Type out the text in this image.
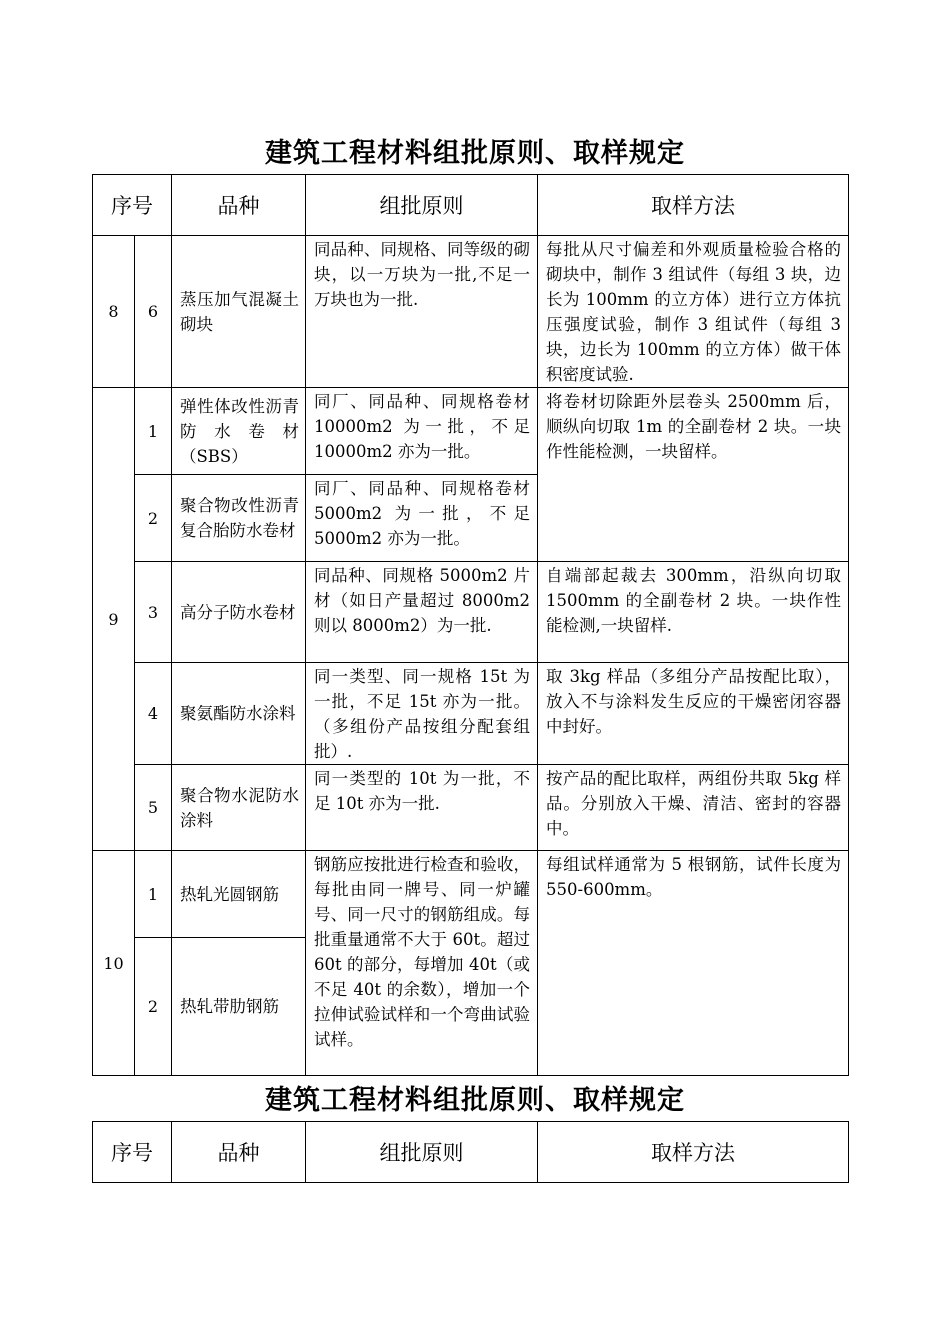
建筑工程材料组批原则、取样规定
序号		品种	组批原则	取样方法
8	6	蒸压加气混凝土砌块	同品种、同规格、同等级的砌块，以一万块为一批,不足一万块也为一批.	每批从尺寸偏差和外观质量检验合格的砌块中，制作 3 组试件（每组 3 块，边长为 100mm 的立方体）进行立方体抗压强度试验，制作 3 组试件（每组 3 块，边长为 100mm 的立方体）做干体积密度试验.
9	1	弹性体改性沥青防水卷材（SBS）	同厂、同品种、同规格卷材 10000m2 为一批，不足 10000m2 亦为一批。	将卷材切除距外层卷头 2500mm 后，顺纵向切取 1m 的全副卷材 2 块。一块作性能检测，一块留样。
	2	聚合物改性沥青复合胎防水卷材	同厂、同品种、同规格卷材 5000m2 为一批，不足 5000m2 亦为一批。	
	3	高分子防水卷材	同品种、同规格 5000m2 片材（如日产量超过 8000m2 则以 8000m2）为一批.	自端部起裁去 300mm，沿纵向切取 1500mm 的全副卷材 2 块。一块作性能检测,一块留样.
	4	聚氨酯防水涂料	同一类型、同一规格 15t 为一批，不足 15t 亦为一批。（多组份产品按组分配套组批）.	取 3kg 样品（多组分产品按配比取），放入不与涂料发生反应的干燥密闭容器中封好。
	5	聚合物水泥防水涂料	同一类型的 10t 为一批，不足 10t 亦为一批.	按产品的配比取样，两组份共取 5kg 样品。分别放入干燥、清洁、密封的容器中。
10	1	热轧光圆钢筋	钢筋应按批进行检查和验收，每批由同一牌号、同一炉罐号、同一尺寸的钢筋组成。每批重量通常不大于 60t。超过 60t 的部分，每增加 40t（或不足 40t 的余数），增加一个拉伸试验试样和一个弯曲试验试样。	每组试样通常为 5 根钢筋，试件长度为 550-600mm。
	2	热轧带肋钢筋		
建筑工程材料组批原则、取样规定
序号	品种	组批原则	取样方法
